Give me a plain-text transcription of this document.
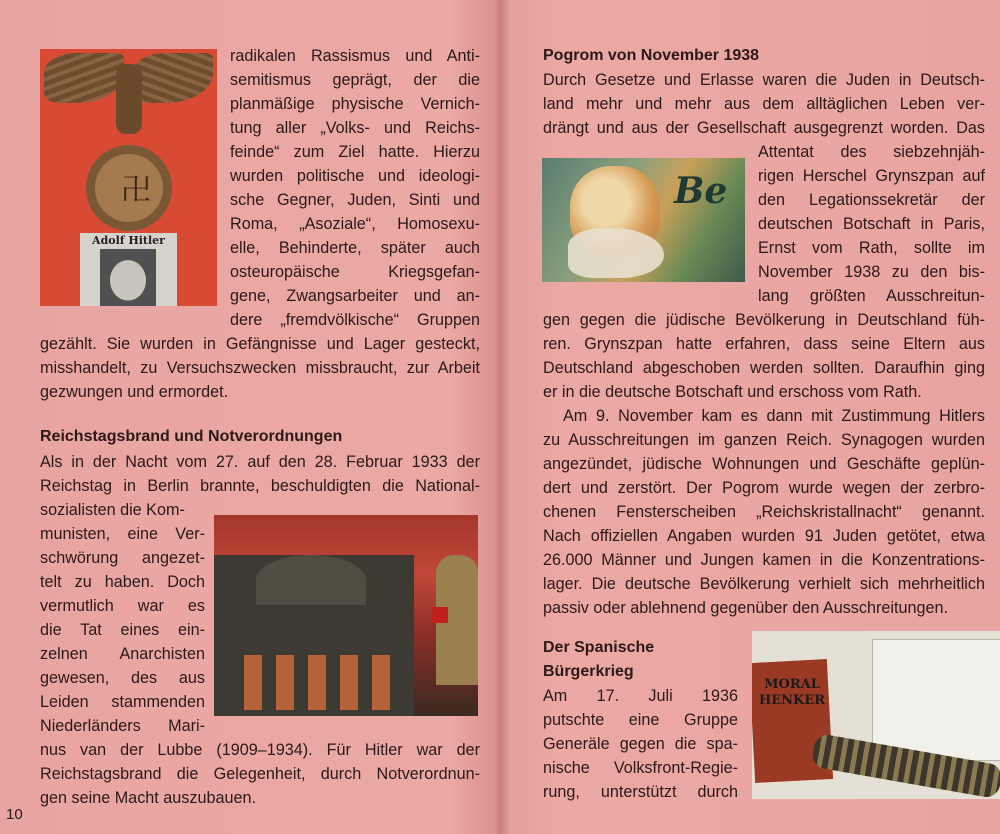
卍
Adolf Hitler

radikalen Rassismus und Anti-

semitismus geprägt, der die

planmäßige physische Vernich-

tung aller „Volks- und Reichs-

feinde“ zum Ziel hatte. Hierzu

wurden politische und ideologi-

sche Gegner, Juden, Sinti und

Roma, „Asoziale“, Homosexu-

elle, Behinderte, später auch

osteuropäische Kriegsgefan-

gene, Zwangsarbeiter und an-

dere „fremdvölkische“ Gruppen

gezählt. Sie wurden in Gefängnisse und Lager gesteckt,

misshandelt, zu Versuchszwecken missbraucht, zur Arbeit

gezwungen und ermordet.

Reichstagsbrand und Notverordnungen

Als in der Nacht vom 27. auf den 28. Februar 1933 der

Reichstag in Berlin brannte, beschuldigten die National-

sozialisten die Kom-

munisten, eine Ver-

schwörung angezet-

telt zu haben. Doch

vermutlich war es

die Tat eines ein-

zelnen Anarchisten

gewesen, des aus

Leiden stammenden

Niederländers Mari-

nus van der Lubbe (1909–1934). Für Hitler war der

Reichstagsbrand die Gelegenheit, durch Notverordnun-

gen seine Macht auszubauen.

10
Pogrom von November 1938

Durch Gesetze und Erlasse waren die Juden in Deutsch-

land mehr und mehr aus dem alltäglichen Leben ver-

drängt und aus der Gesellschaft ausgegrenzt worden. Das

Attentat des siebzehnjäh-

rigen Herschel Grynszpan auf

den Legationssekretär der

deutschen Botschaft in Paris,

Ernst vom Rath, sollte im

November 1938 zu den bis-

lang größten Ausschreitun-

gen gegen die jüdische Bevölkerung in Deutschland füh-

ren. Grynszpan hatte erfahren, dass seine Eltern aus

Deutschland abgeschoben werden sollten. Daraufhin ging

er in die deutsche Botschaft und erschoss vom Rath.

Am 9. November kam es dann mit Zustimmung Hitlers

zu Ausschreitungen im ganzen Reich. Synagogen wurden

angezündet, jüdische Wohnungen und Geschäfte geplün-

dert und zerstört. Der Pogrom wurde wegen der zerbro-

chenen Fensterscheiben „Reichskristallnacht“ genannt.

Nach offiziellen Angaben wurden 91 Juden getötet, etwa

26.000 Männer und Jungen kamen in die Konzentrations-

lager. Die deutsche Bevölkerung verhielt sich mehrheitlich

passiv oder ablehnend gegenüber den Ausschreitungen.

Be
Der Spanische
Bürgerkrieg

Am 17. Juli 1936

putschte eine Gruppe

Generäle gegen die spa-

nische Volksfront-Regie-

rung, unterstützt durch

MORAL HENKER
